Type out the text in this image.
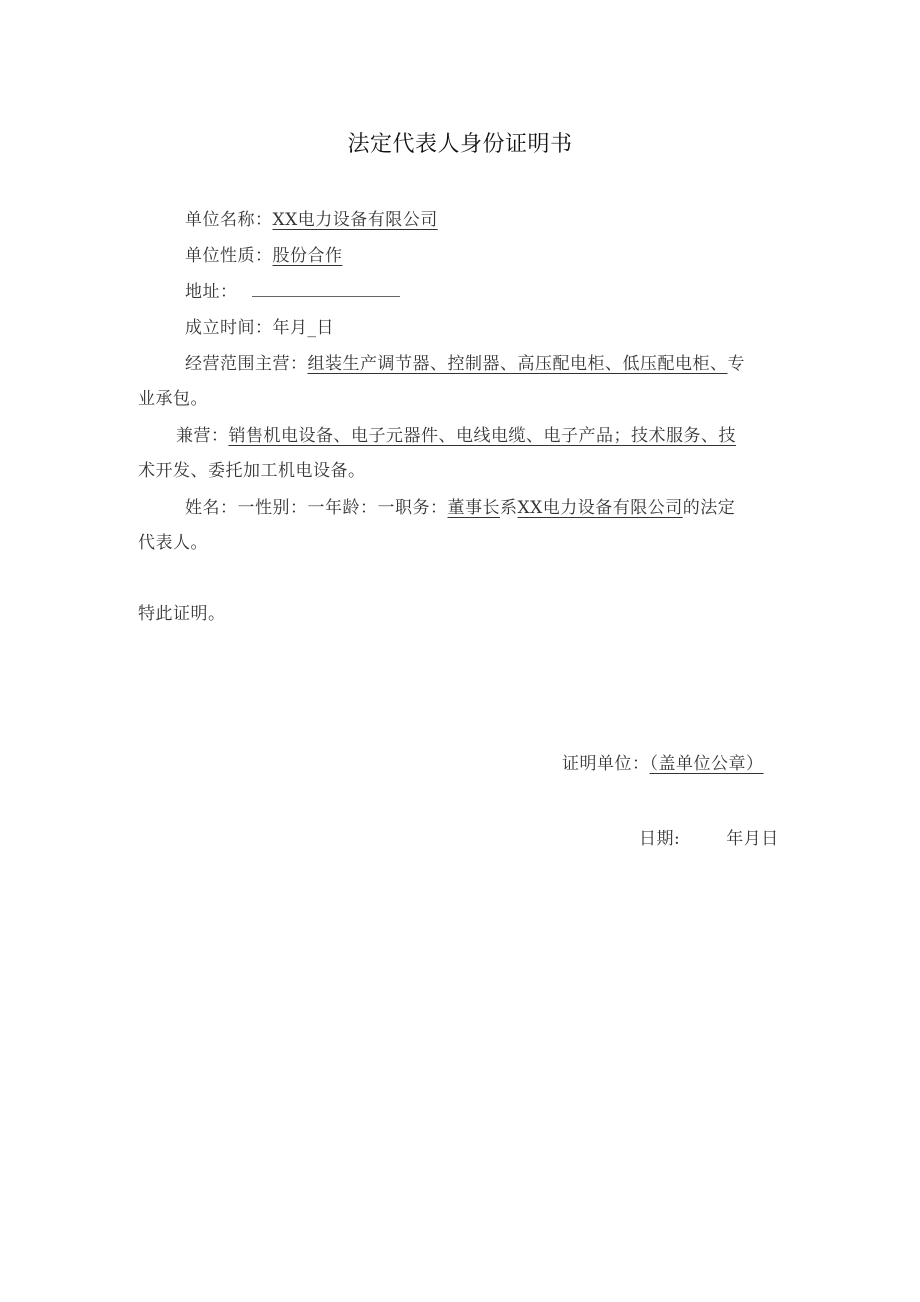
法定代表人身份证明书
单位名称：XX电力设备有限公司
单位性质：股份合作
地址：
成立时间：年月_日
经营范围主营：组装生产调节器、控制器、高压配电柜、低压配电柜、专
业承包。
兼营：销售机电设备、电子元器件、电线电缆、电子产品；技术服务、技
术开发、委托加工机电设备。
姓名：一性别：一年龄：一职务：董事长系XX电力设备有限公司的法定
代表人。
特此证明。
证明单位：（盖单位公章）
日期:	年月日
